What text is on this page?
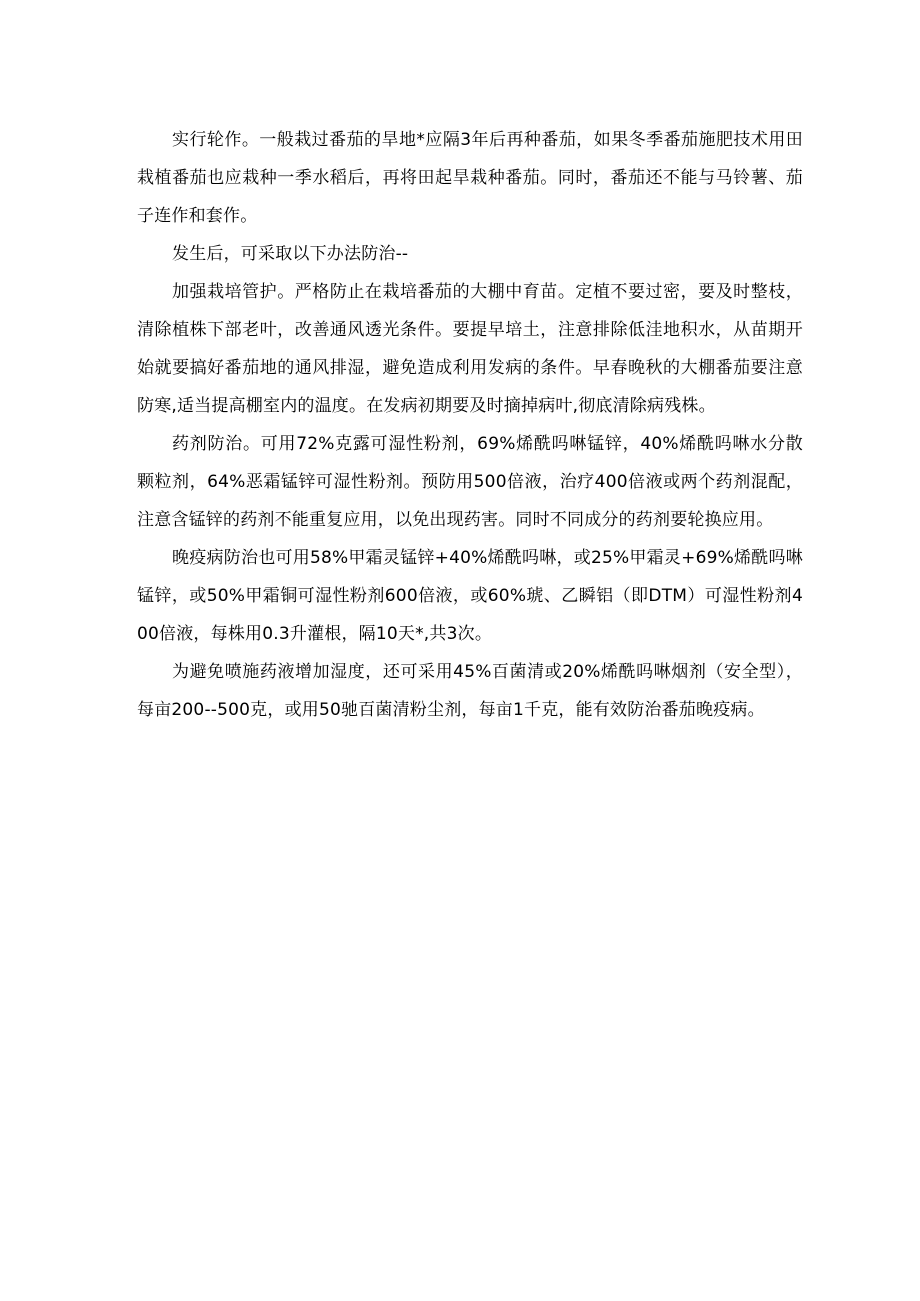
实行轮作。一般栽过番茄的旱地*应隔3年后再种番茄，如果冬季番茄施肥技术用田栽植番茄也应栽种一季水稻后，再将田起旱栽种番茄。同时，番茄还不能与马铃薯、茄子连作和套作。

发生后，可采取以下办法防治--

加强栽培管护。严格防止在栽培番茄的大棚中育苗。定植不要过密，要及时整枝，清除植株下部老叶，改善通风透光条件。要提早培土，注意排除低洼地积水，从苗期开始就要搞好番茄地的通风排湿，避免造成利用发病的条件。早春晚秋的大棚番茄要注意防寒,适当提高棚室内的温度。在发病初期要及时摘掉病叶,彻底清除病残株。

药剂防治。可用72%克露可湿性粉剂，69%烯酰吗啉锰锌，40%烯酰吗啉水分散颗粒剂，64%恶霜锰锌可湿性粉剂。预防用500倍液，治疗400倍液或两个药剂混配，注意含锰锌的药剂不能重复应用，以免出现药害。同时不同成分的药剂要轮换应用。

晚疫病防治也可用58%甲霜灵锰锌+40%烯酰吗啉，或25%甲霜灵+69%烯酰吗啉锰锌，或50%甲霜铜可湿性粉剂600倍液，或60%琥、乙瞬铝（即DTM）可湿性粉剂400倍液，每株用0.3升灌根，隔10天*,共3次。

为避免喷施药液增加湿度，还可采用45%百菌清或20%烯酰吗啉烟剂（安全型），每亩200--500克，或用50驰百菌清粉尘剂，每亩1千克，能有效防治番茄晚疫病。
